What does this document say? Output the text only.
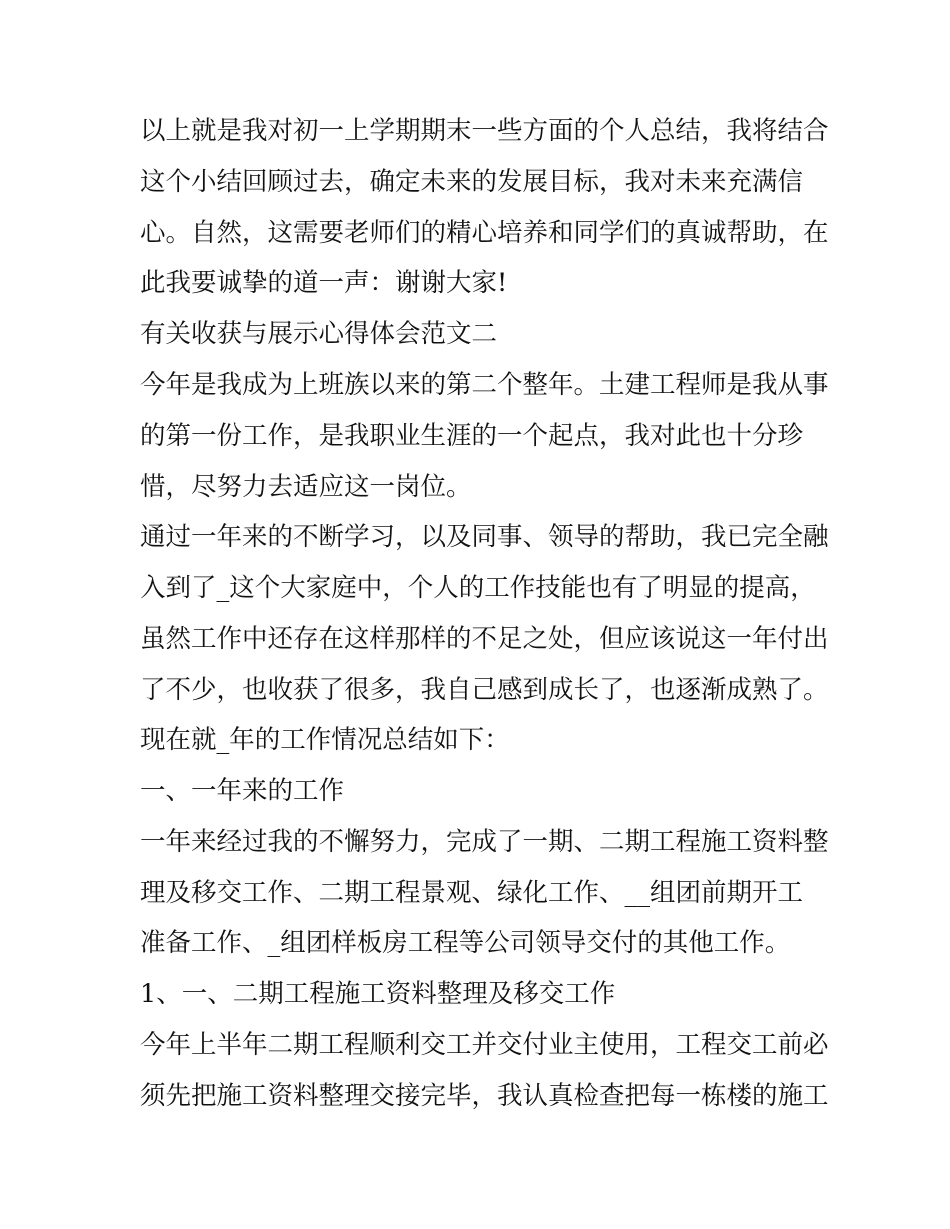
以上就是我对初一上学期期末一些方面的个人总结，我将结合
这个小结回顾过去，确定未来的发展目标，我对未来充满信
心。自然，这需要老师们的精心培养和同学们的真诚帮助，在
此我要诚挚的道一声：谢谢大家!
有关收获与展示心得体会范文二
今年是我成为上班族以来的第二个整年。土建工程师是我从事
的第一份工作，是我职业生涯的一个起点，我对此也十分珍
惜，尽努力去适应这一岗位。
通过一年来的不断学习，以及同事、领导的帮助，我已完全融
入到了_这个大家庭中，个人的工作技能也有了明显的提高，
虽然工作中还存在这样那样的不足之处，但应该说这一年付出
了不少，也收获了很多，我自己感到成长了，也逐渐成熟了。
现在就_年的工作情况总结如下：
一、一年来的工作
一年来经过我的不懈努力，完成了一期、二期工程施工资料整
理及移交工作、二期工程景观、绿化工作、__组团前期开工
准备工作、_组团样板房工程等公司领导交付的其他工作。
1、一、二期工程施工资料整理及移交工作
今年上半年二期工程顺利交工并交付业主使用，工程交工前必
须先把施工资料整理交接完毕，我认真检查把每一栋楼的施工
